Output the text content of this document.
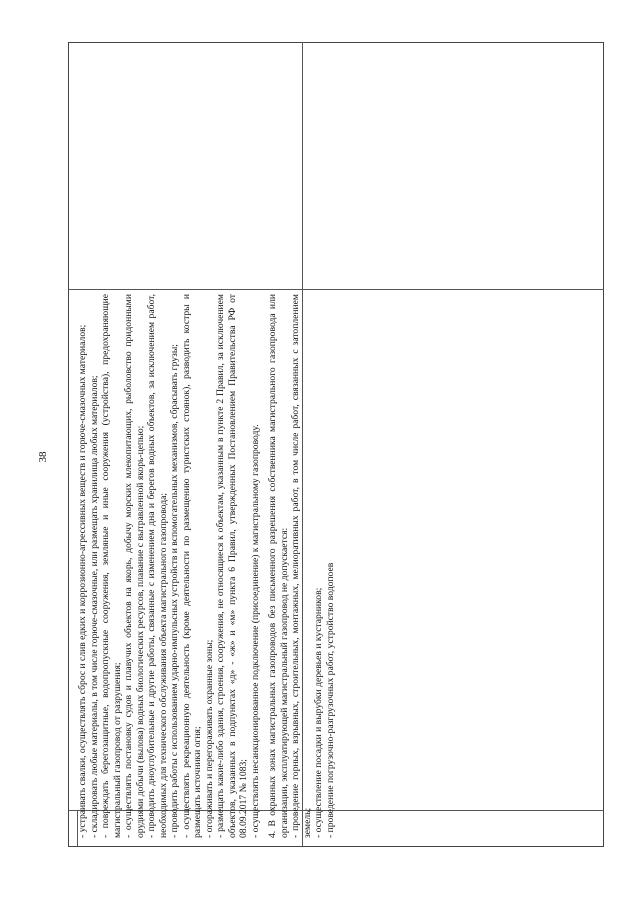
38	- устраивать свалки, осуществлять сброс и слив едких и коррозионно-агрессивных веществ и горюче-смазочных материалов; - складировать любые материалы, в том числе горюче-смазочные, или размещать хранилища любых материалов; - повреждать берегозащитные, водопропускные сооружения, земляные и иные сооружения (устройства), предохраняющие магистральный газопровод от разрушения; - осуществлять постановку судов и плавучих объектов на якорь, добычу морских млекопитающих, рыболовство придонными орудиями добычи (вылова) водных биологических ресурсов, плавание с вытравленной якорь-цепью; - проводить дноуглубительные и другие работы, связанные с изменением дна и берегов водных объектов, за исключением работ, необходимых для технического обслуживания объекта магистрального газопровода; - проводить работы с использованием ударно-импульсных устройств и вспомогательных механизмов, сбрасывать грузы; - осуществлять рекреационную деятельность (кроме деятельности по размещению туристских стоянок), разводить костры и размещать источники огня; - огораживать и перегораживать охранные зоны; - размещать какие-либо здания, строения, сооружения, не относящиеся к объектам, указанным в пункте 2 Правил, за исключением объектов, указанных в подпунктах «д» - «ж» и «м» пункта 6 Правил, утвержденных Постановлением Правительства РФ от 08.09.2017 № 1083; - осуществлять несанкционированное подключение (присоединение) к магистральному газопроводу. 4. В охранных зонах магистральных газопроводов без письменного разрешения собственника магистрального газопровода или организации, эксплуатирующей магистральный газопровод не допускается: - проведение горных, взрывных, строительных, монтажных, мелиоративных работ, в том числе работ, связанных с затоплением земель; - осуществление посадки и вырубки деревьев и кустарников; - проведение погрузочно-разгрузочных работ, устройство водопоев
